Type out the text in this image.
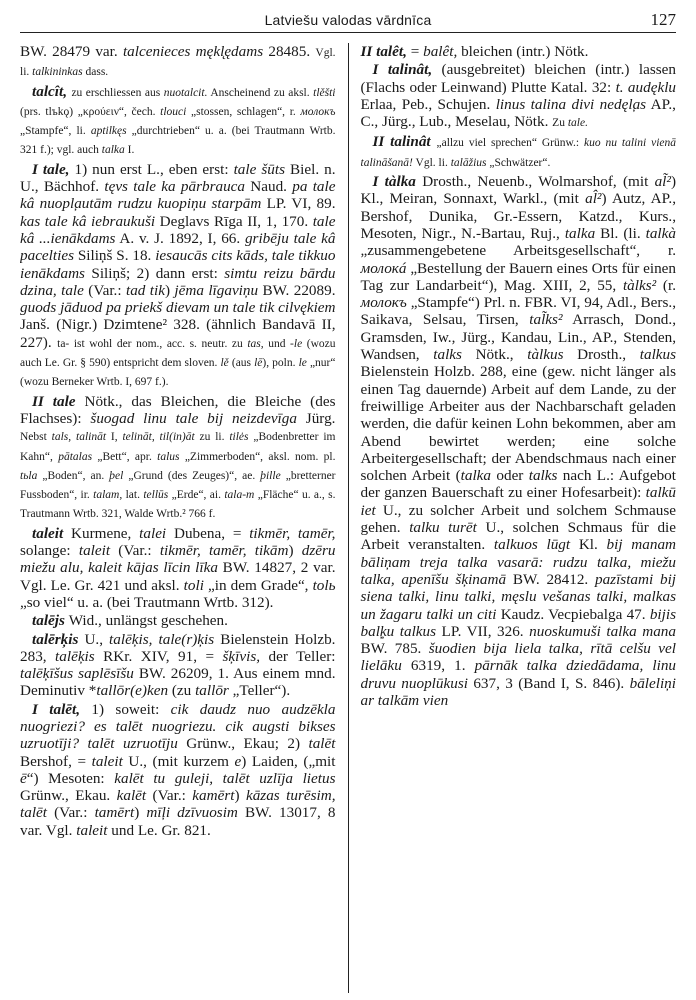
Latviešu valodas vārdnīca	127

BW. 28479 var. talcenieces mękl̨ędams 28485. Vgl. li. talkininkas dass.

talcît, zu erschliessen aus nuotalcit. Anscheinend zu aksl. tlěšti (prs. tlъkǫ) „κρούειν“, čech. tlouci „stossen, schlagen“, r. молокъ „Stampfe“, li. aptilkęs „durchtrieben“ u. a. (bei Trautmann Wrtb. 321 f.); vgl. auch talka I.

I tale, 1) nun erst L., eben erst: tale šūts Biel. n. U., Bächhof. tęvs tale ka pārbrauca Naud. pa tale kâ nuopl̦autām rudzu kuopiņu starpām LP. VI, 89. kas tale kâ iebraukuši Deglavs Rīga II, 1, 170. tale kâ ...ienākdams A. v. J. 1892, I, 66. gribēju tale kâ paceltiеs Siliņš S. 18. iesaucās cits kāds, tale tikkuo ienākdams Siliņš; 2) dann erst: simtu reizu bārdu dzina, tale (Var.: tad tik) jēma līgaviņu BW. 22089. guods jāduod pa priekš dievam un tale tik cilvękiem Janš. (Nigr.) Dzimtene² 328. (ähnlich Bandavā II, 227). ta- ist wohl der nom., acc. s. neutr. zu tas, und -le (wozu auch Le. Gr. § 590) entspricht dem sloven. lě (aus lē), poln. le „nur“ (wozu Berneker Wrtb. I, 697 f.).

II tale Nötk., das Bleichen, die Bleiche (des Flachses): šuogad linu tale bij neizdevīga Jürg. Nebst tals, talināt I, telināt, til(in)āt zu li. tilės „Bodenbretter im Kahn“, pātalas „Bett“, apr. talus „Zimmerboden“, aksl. nom. pl. tьla „Boden“, an. þel „Grund (des Zeuges)“, ae. þille „bretterner Fussboden“, ir. talam, lat. tellūs „Erde“, ai. tala-m „Fläche“ u. a., s. Trautmann Wrtb. 321, Walde Wrtb.² 766 f.

taleit Kurmene, talei Dubena, = tikmēr, tamēr, solange: taleit (Var.: tikmēr, tamēr, tikām) dzēru miežu alu, kaleit kājas līcin līka BW. 14827, 2 var. Vgl. Le. Gr. 421 und aksl. toli „in dem Grade“, tolь „so viel“ u. a. (bei Trautmann Wrtb. 312).

talējs Wid., unlängst geschehen.

talērķis U., talēķis, tale(r)ķis Bielenstein Holzb. 283, talēķis RKr. XIV, 91, = šķīvis, der Teller: talēķīšus saplēsīšu BW. 26209, 1. Aus einem mnd. Deminutiv *tallōr(e)ken (zu tallōr „Teller“).

I talēt, 1) soweit: cik daudz nuo audzēkla nuogriezi? es talēt nuogriezu. cik augsti bikses uzruotīji? talēt uzruotīju Grünw., Ekau; 2) talēt Bershof, = taleit U., (mit kurzem e) Laiden, („mit ē“) Mesoten: kalēt tu guleji, talēt uzlīja lietus Grünw., Ekau. kalēt (Var.: kamērt) kāzas turēsim, talēt (Var.: tamērt) mīļi dzīvuosim BW. 13017, 8 var. Vgl. taleit und Le. Gr. 821.

II talêt, = balêt, bleichen (intr.) Nötk.

I talinât, (ausgebreitet) bleichen (intr.) lassen (Flachs oder Leinwand) Plutte Katal. 32: t. audęklu Erlaa, Peb., Schujen. linus talina divi nedęl̦as AP., C., Jürg., Lub., Meselau, Nötk. Zu tale.

II talinât „allzu viel sprechen“ Grünw.: kuo nu talini vienā talināšanā! Vgl. li. talāžius „Schwätzer“.

I tàlka Drosth., Neuenb., Wolmarshof, (mit al̃²) Kl., Meiran, Sonnaxt, Warkl., (mit al̂²) Autz, AP., Bershof, Dunika, Gr.-Essern, Katzd., Kurs., Mesoten, Nigr., N.-Bartau, Ruj., talka Bl. (li. talkà „zusammengebetene Arbeitsgesellschaft“, r. молокá „Bestellung der Bauern eines Orts für einen Tag zur Landarbeit“), Mag. XIII, 2, 55, tàlks² (r. молокъ „Stampfe“) Prl. n. FBR. VI, 94, Adl., Bers., Saikava, Selsau, Tirsen, tal̃ks² Arrasch, Dond., Gramsden, Iw., Jürg., Kandau, Lin., AP., Stenden, Wandsen, talks Nötk., tàlkus Drosth., talkus Bielenstein Holzb. 288, eine (gew. nicht länger als einen Tag dauernde) Arbeit auf dem Lande, zu der freiwillige Arbeiter aus der Nachbarschaft geladen werden, die dafür keinen Lohn bekommen, aber am Abend bewirtet werden; eine solche Arbeitergesellschaft; der Abendschmaus nach einer solchen Arbeit (talka oder talks nach L.: Aufgebot der ganzen Bauerschaft zu einer Hofesarbeit): talkū iet U., zu solcher Arbeit und solchem Schmause gehen. talku turēt U., solchen Schmaus für die Arbeit veranstalten. talkuos lūgt Kl. bij manam bāliņam treja talka vasarā: rudzu talka, miežu talka, apenīšu šķinamā BW. 28412. pazīstami bij siena talki, linu talki, męslu vešanas talki, malkas un žagaru talki un citi Kaudz. Vecpiebalga 47. bijis bal̦ķu talkus LP. VII, 326. nuoskumuši talka mana BW. 785. šuodien bija liela talka, rītā celšu vel lielāku 6319, 1. pārnāk talka dziedādama, linu druvu nuoplūkusi 637, 3 (Band I, S. 846). bāleliņi ar talkām vien
